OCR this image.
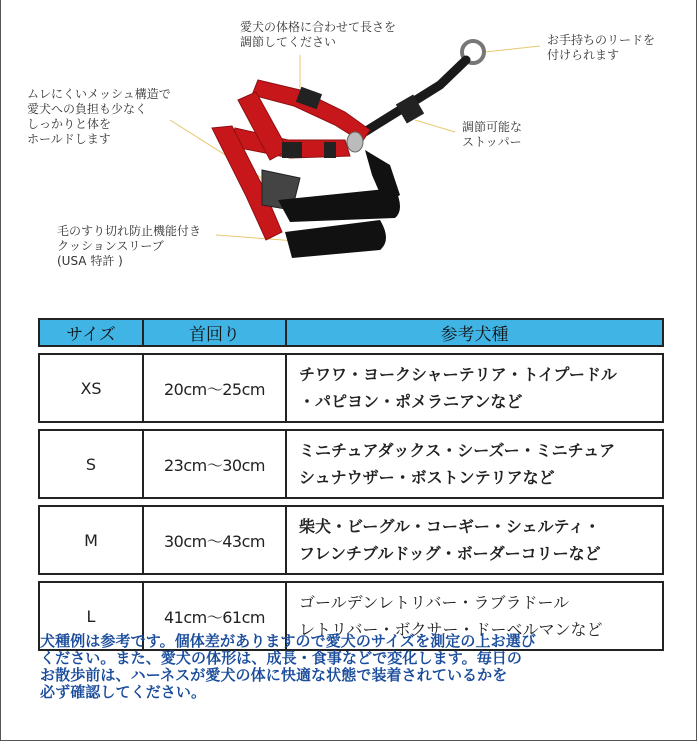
愛犬の体格に合わせて長さを
調節してください	お手持ちのリードを
付けられます
ムレにくいメッシュ構造で
愛犬への負担も少なく
しっかりと体を
ホールドします
調節可能な
ストッパー
毛のすり切れ防止機能付き
クッションスリーブ
(USA 特許 )
サイズ	首回り	参考犬種

XS	20cm～25cm	チワワ・ヨークシャーテリア・トイプードル
・パピヨン・ポメラニアンなど

S	23cm～30cm	ミニチュアダックス・シーズー・ミニチュア
シュナウザー・ボストンテリアなど

M	30cm～43cm	柴犬・ビーグル・コーギー・シェルティ・
フレンチブルドッグ・ボーダーコリーなど

L	41cm～61cm	ゴールデンレトリバー・ラブラドール
レトリバー・ボクサー・ドーベルマンなど
犬種例は参考です。個体差がありますので愛犬のサイズを測定の上お選び
ください。また、愛犬の体形は、成長・食事などで変化します。毎日の
お散歩前は、ハーネスが愛犬の体に快適な状態で装着されているかを
必ず確認してください。
